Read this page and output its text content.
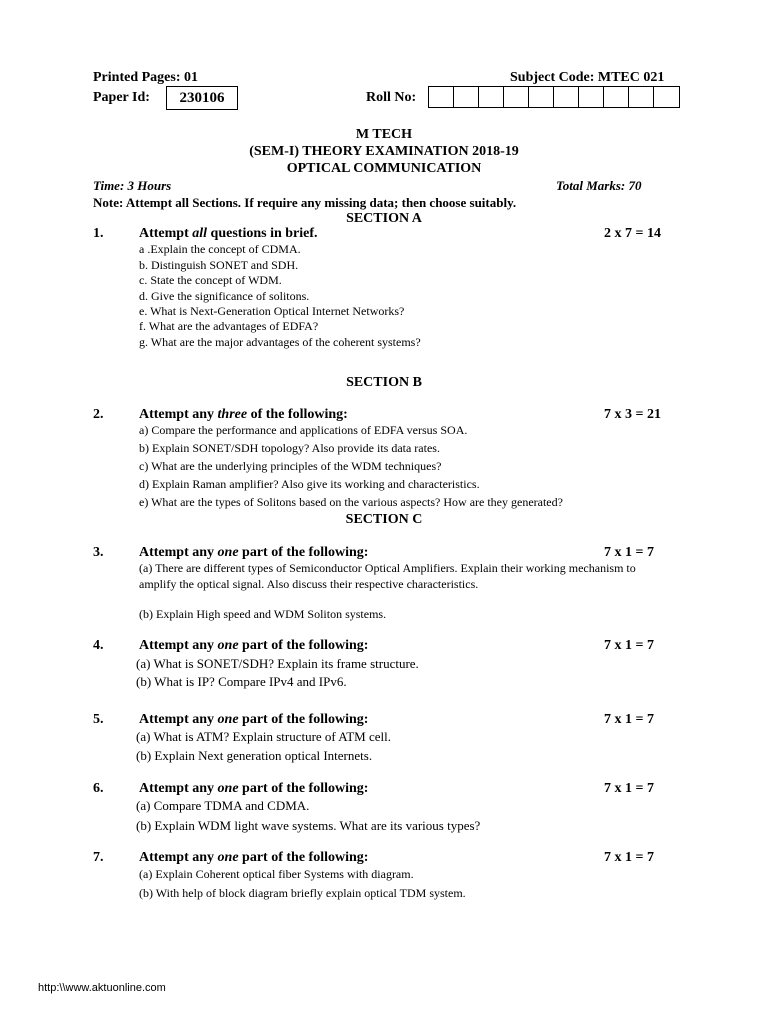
Printed Pages: 01	Subject Code: MTEC 021
Paper Id:	230106	Roll No:
M TECH
(SEM-I) THEORY EXAMINATION 2018-19
OPTICAL COMMUNICATION
Time: 3 Hours	Total Marks: 70
Note: Attempt all Sections. If require any missing data; then choose suitably.
SECTION A
1.	Attempt all questions in brief.	2 x 7 = 14
a .Explain the concept of CDMA.
b. Distinguish SONET and SDH.
c. State the concept of WDM.
d. Give the significance of solitons.
e. What is Next-Generation Optical Internet Networks?
f. What are the advantages of EDFA?
g. What are the major advantages of the coherent systems?
SECTION B
2.	Attempt any three of the following:	7 x 3 = 21
a) Compare the performance and applications of EDFA versus SOA.
b) Explain SONET/SDH topology? Also provide its data rates.
c) What are the underlying principles of the WDM techniques?
d) Explain Raman amplifier? Also give its working and characteristics.
e) What are the types of Solitons based on the various aspects? How are they generated?
SECTION C
3.	Attempt any one part of the following:	7 x 1 = 7
(a) There are different types of Semiconductor Optical Amplifiers. Explain their working mechanism to
amplify the optical signal. Also discuss their respective characteristics.
(b) Explain High speed and WDM Soliton systems.
4.	Attempt any one part of the following:	7 x 1 = 7
(a) What is SONET/SDH? Explain its frame structure.
(b) What is IP? Compare IPv4 and IPv6.
5.	Attempt any one part of the following:	7 x 1 = 7
(a) What is ATM? Explain structure of ATM cell.
(b) Explain Next generation optical Internets.
6.	Attempt any one part of the following:	7 x 1 = 7
(a) Compare TDMA and CDMA.
(b) Explain WDM light wave systems. What are its various types?
7.	Attempt any one part of the following:	7 x 1 = 7
(a) Explain Coherent optical fiber Systems with diagram.
(b) With help of block diagram briefly explain optical TDM system.
http:\\www.aktuonline.com
